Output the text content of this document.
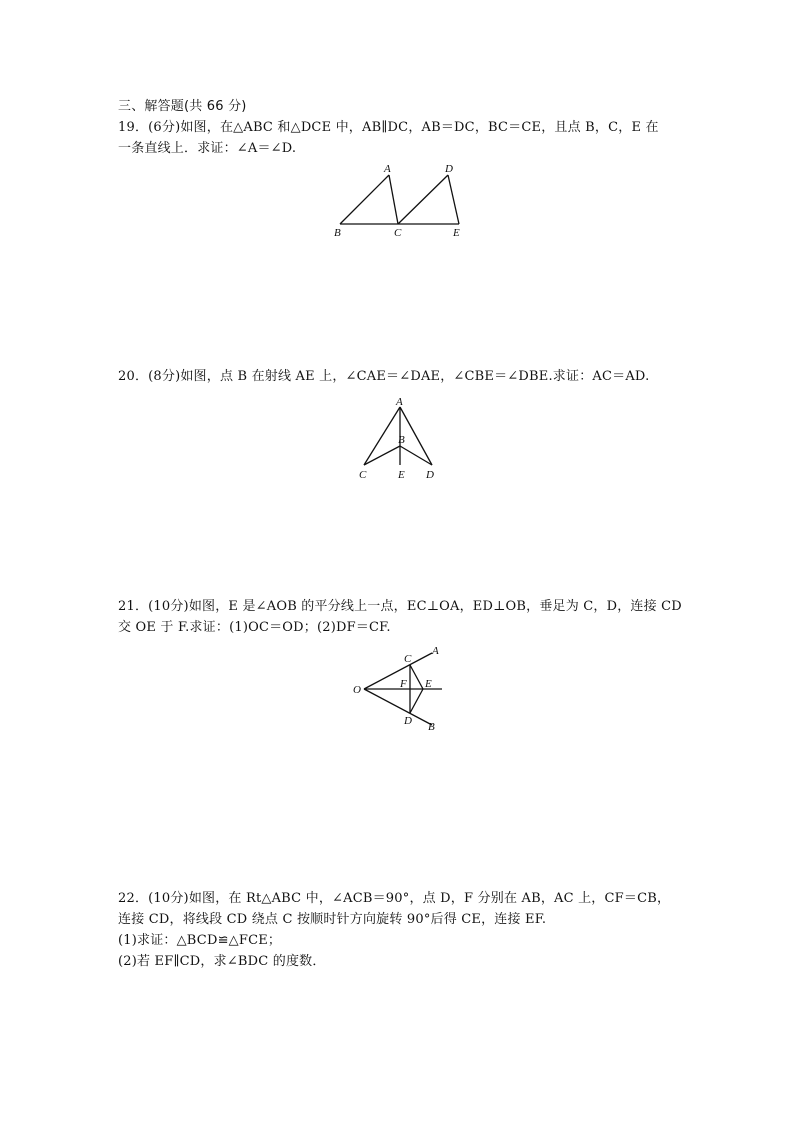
三、解答题(共 66 分)
19．(6分)如图，在△ABC 和△DCE 中，AB∥DC，AB＝DC，BC＝CE，且点 B，C，E 在
一条直线上．求证：∠A＝∠D.
A	D
B	C	E
20．(8分)如图，点 B 在射线 AE 上，∠CAE＝∠DAE，∠CBE＝∠DBE.求证：AC＝AD.
A
B
C	E D
21．(10分)如图，E 是∠AOB 的平分线上一点，EC⊥OA，ED⊥OB，垂足为 C，D，连接 CD
交 OE 于 F.求证：(1)OC＝OD；(2)DF＝CF.
C
A
O	F E
D B
22．(10分)如图，在 Rt△ABC 中，∠ACB＝90°，点 D，F 分别在 AB，AC 上，CF＝CB，
连接 CD，将线段 CD 绕点 C 按顺时针方向旋转 90°后得 CE，连接 EF.
(1)求证：△BCD≌△FCE；
(2)若 EF∥CD，求∠BDC 的度数．
